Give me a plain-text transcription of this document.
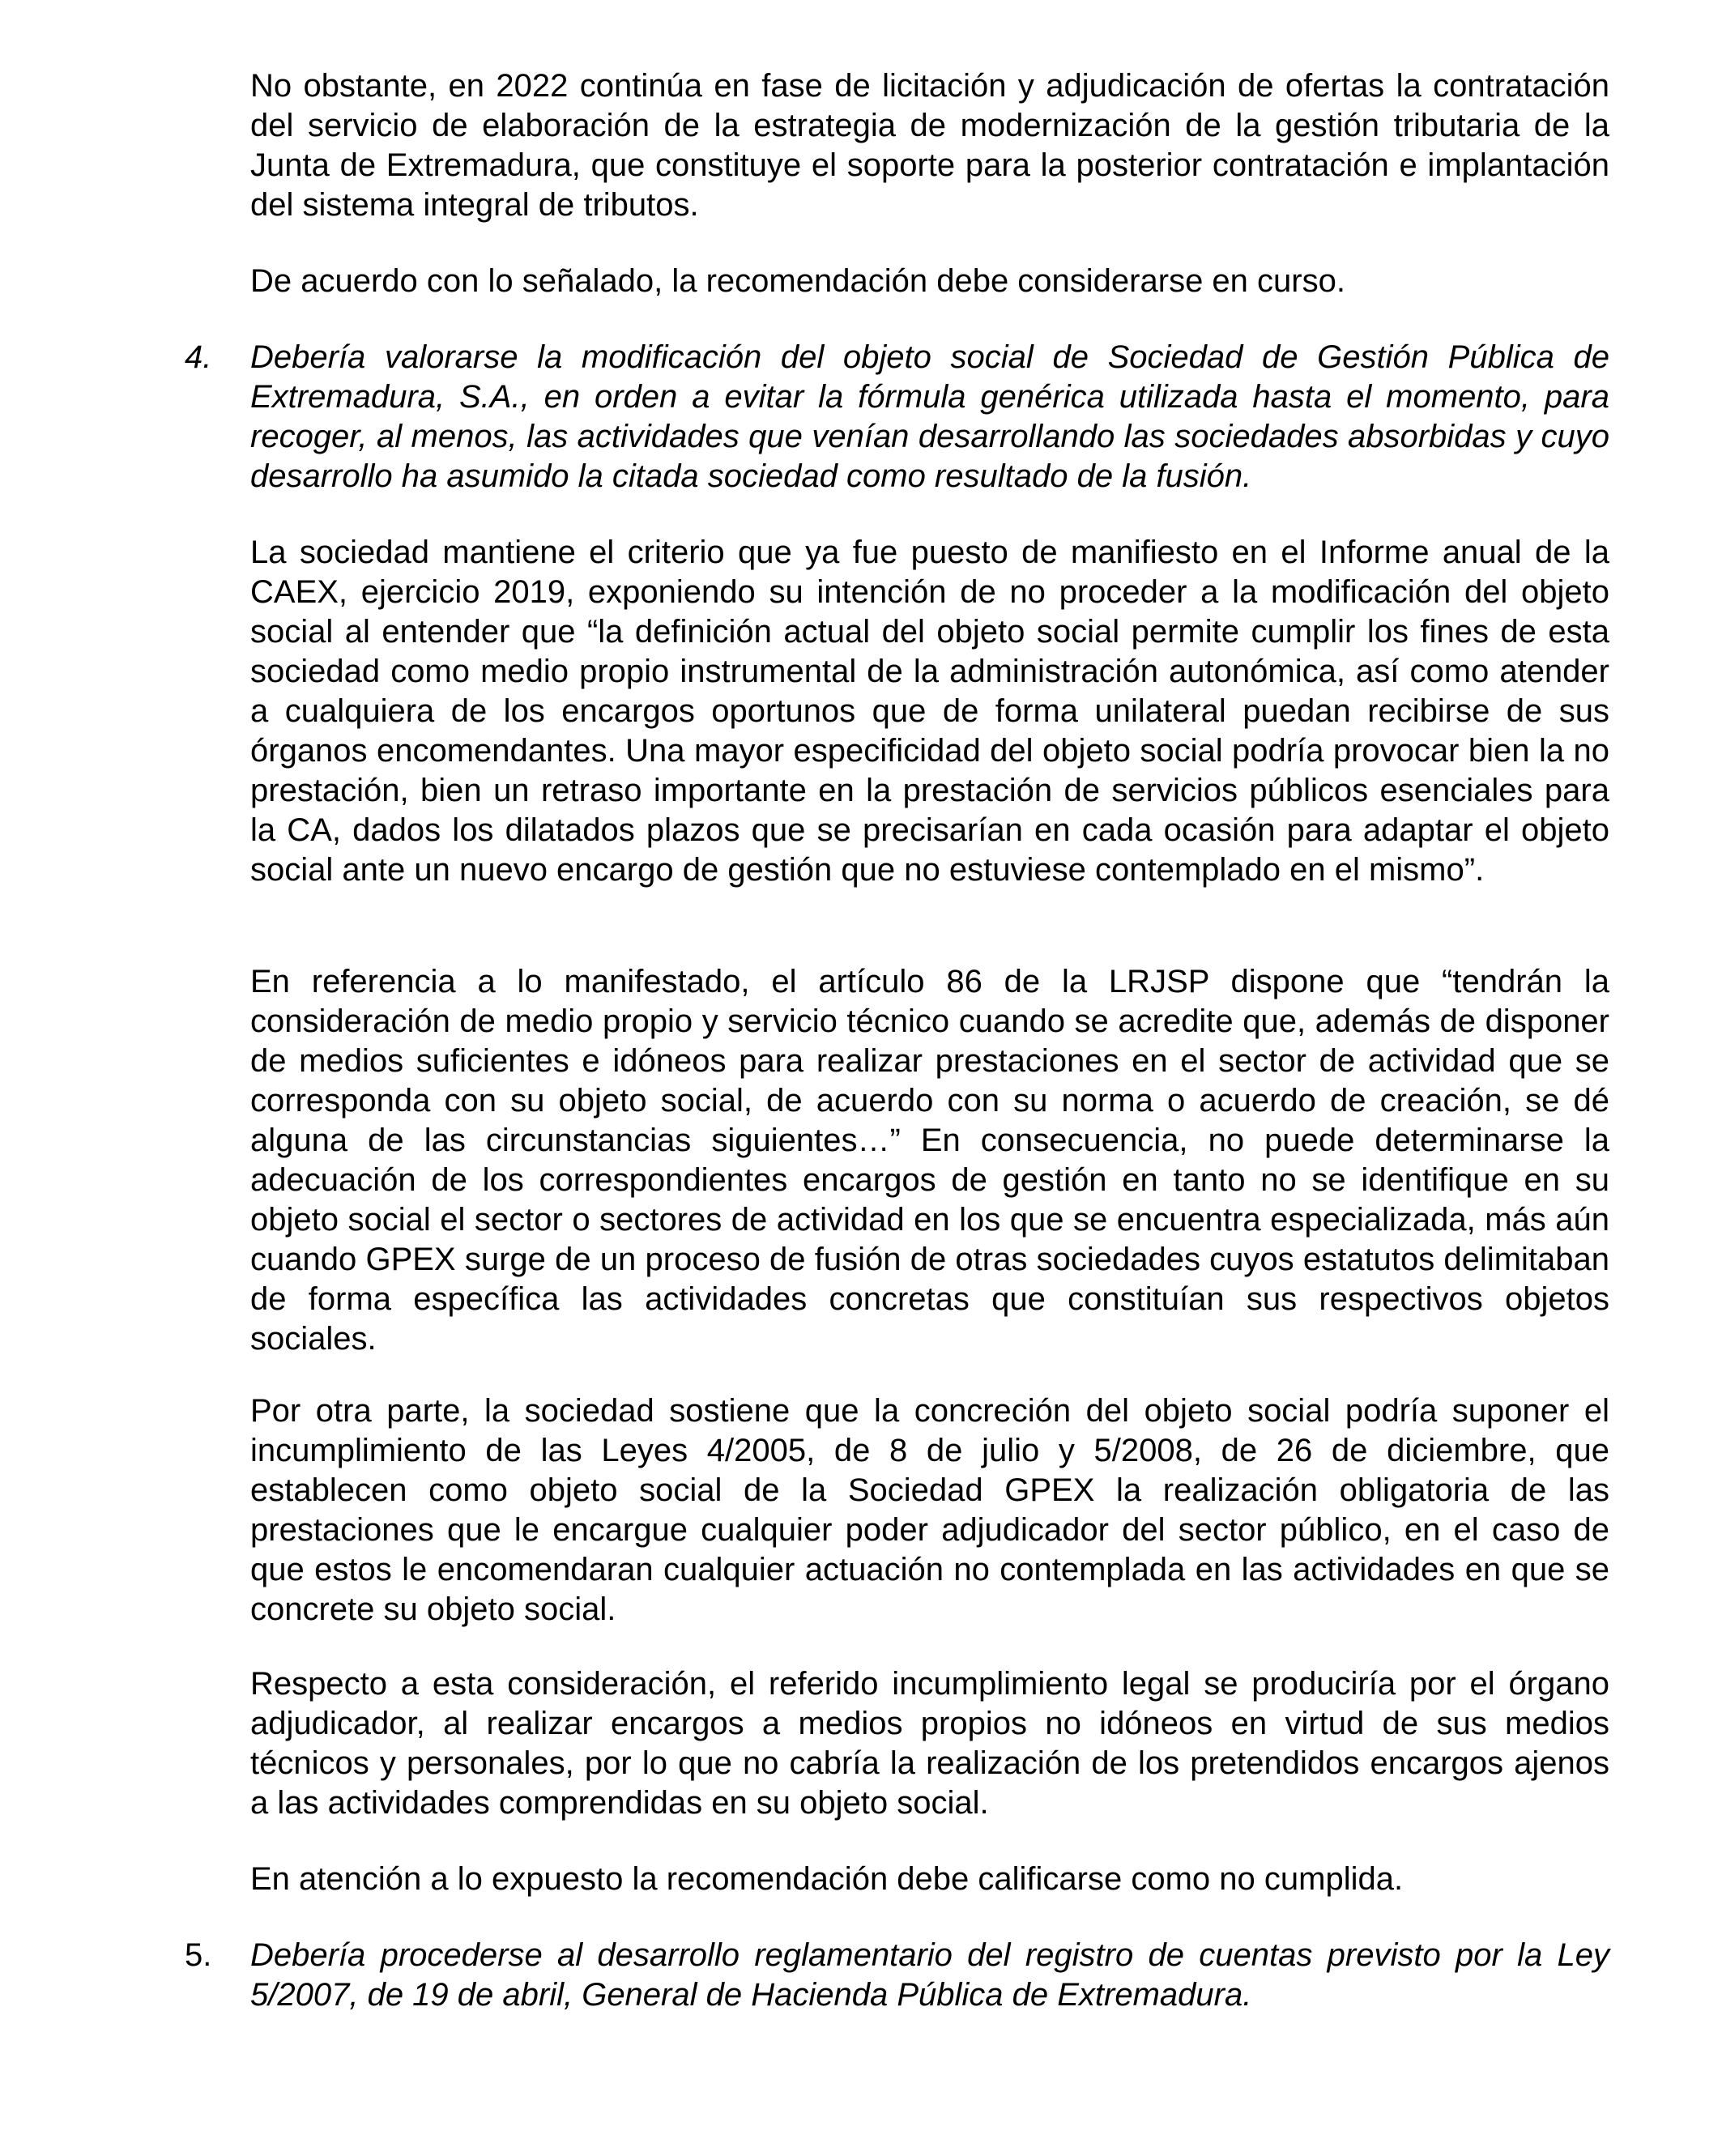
No obstante, en 2022 continúa en fase de licitación y adjudicación de ofertas la contratación del servicio de elaboración de la estrategia de modernización de la gestión tributaria de la Junta de Extremadura, que constituye el soporte para la posterior contratación e implantación del sistema integral de tributos.

De acuerdo con lo señalado, la recomendación debe considerarse en curso.

4. Debería valorarse la modificación del objeto social de Sociedad de Gestión Pública de Extremadura, S.A., en orden a evitar la fórmula genérica utilizada hasta el momento, para recoger, al menos, las actividades que venían desarrollando las sociedades absorbidas y cuyo desarrollo ha asumido la citada sociedad como resultado de la fusión.

La sociedad mantiene el criterio que ya fue puesto de manifiesto en el Informe anual de la CAEX, ejercicio 2019, exponiendo su intención de no proceder a la modificación del objeto social al entender que “la definición actual del objeto social permite cumplir los fines de esta sociedad como medio propio instrumental de la administración autonómica, así como atender a cualquiera de los encargos oportunos que de forma unilateral puedan recibirse de sus órganos encomendantes. Una mayor especificidad del objeto social podría provocar bien la no prestación, bien un retraso importante en la prestación de servicios públicos esenciales para la CA, dados los dilatados plazos que se precisarían en cada ocasión para adaptar el objeto social ante un nuevo encargo de gestión que no estuviese contemplado en el mismo”.

En referencia a lo manifestado, el artículo 86 de la LRJSP dispone que “tendrán la consideración de medio propio y servicio técnico cuando se acredite que, además de disponer de medios suficientes e idóneos para realizar prestaciones en el sector de actividad que se corresponda con su objeto social, de acuerdo con su norma o acuerdo de creación, se dé alguna de las circunstancias siguientes…” En consecuencia, no puede determinarse la adecuación de los correspondientes encargos de gestión en tanto no se identifique en su objeto social el sector o sectores de actividad en los que se encuentra especializada, más aún cuando GPEX surge de un proceso de fusión de otras sociedades cuyos estatutos delimitaban de forma específica las actividades concretas que constituían sus respectivos objetos sociales.

Por otra parte, la sociedad sostiene que la concreción del objeto social podría suponer el incumplimiento de las Leyes 4/2005, de 8 de julio y 5/2008, de 26 de diciembre, que establecen como objeto social de la Sociedad GPEX la realización obligatoria de las prestaciones que le encargue cualquier poder adjudicador del sector público, en el caso de que estos le encomendaran cualquier actuación no contemplada en las actividades en que se concrete su objeto social.

Respecto a esta consideración, el referido incumplimiento legal se produciría por el órgano adjudicador, al realizar encargos a medios propios no idóneos en virtud de sus medios técnicos y personales, por lo que no cabría la realización de los pretendidos encargos ajenos a las actividades comprendidas en su objeto social.

En atención a lo expuesto la recomendación debe calificarse como no cumplida.

5. Debería procederse al desarrollo reglamentario del registro de cuentas previsto por la Ley 5/2007, de 19 de abril, General de Hacienda Pública de Extremadura.
